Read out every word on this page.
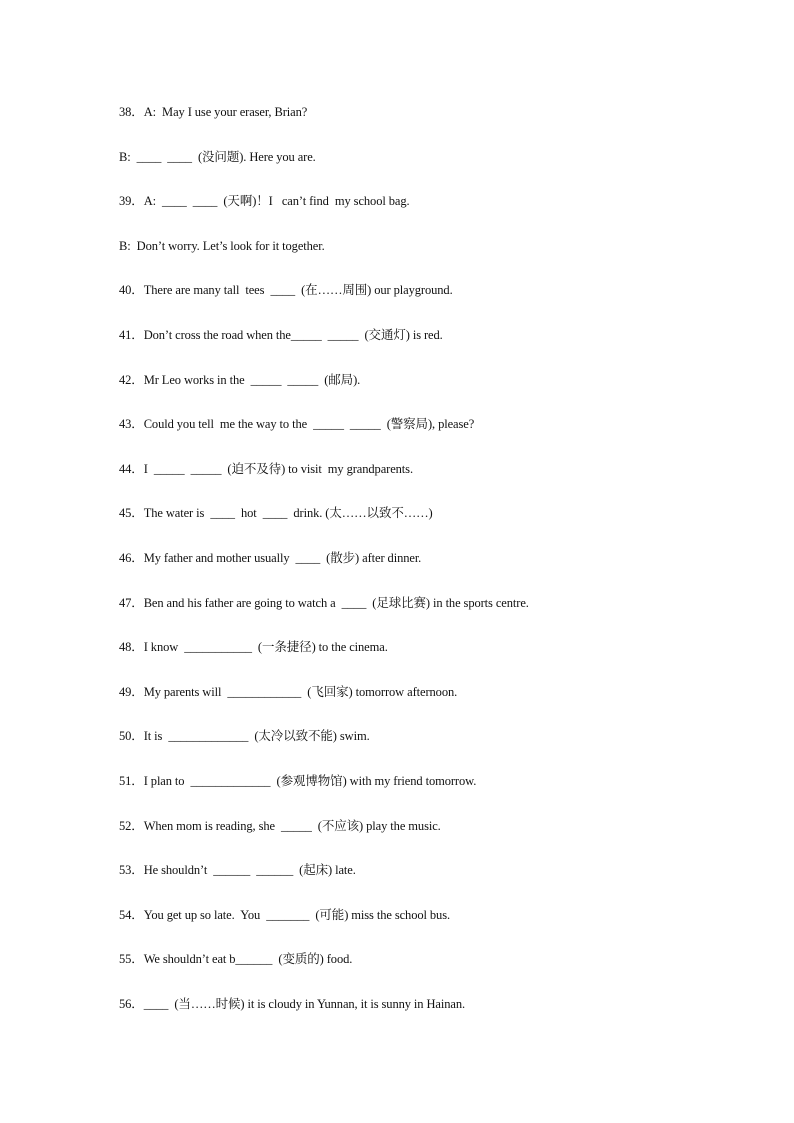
38．A:  May I use your eraser, Brian?
B:  ____  ____  (没问题). Here you are.
39．A:  ____  ____  (天啊)！I   can’t find  my school bag.
B:  Don’t worry. Let’s look for it together.
40．There are many tall  tees  ____  (在……周围) our playground.
41．Don’t cross the road when the_____  _____  (交通灯) is red.
42．Mr Leo works in the  _____  _____  (邮局).
43．Could you tell  me the way to the  _____  _____  (警察局), please?
44．I  _____  _____  (迫不及待) to visit  my grandparents.
45．The water is  ____  hot  ____  drink. (太……以致不……)
46．My father and mother usually  ____  (散步) after dinner.
47．Ben and his father are going to watch a  ____  (足球比赛) in the sports centre.
48．I know  ___________  (一条捷径) to the cinema.
49．My parents will  ____________  (飞回家) tomorrow afternoon.
50．It is  _____________  (太冷以致不能) swim.
51．I plan to  _____________  (参观博物馆) with my friend tomorrow.
52．When mom is reading, she  _____  (不应该) play the music.
53．He shouldn’t  ______  ______  (起床) late.
54．You get up so late.  You  _______  (可能) miss the school bus.
55．We shouldn’t eat b______  (变质的) food.
56．____  (当……时候) it is cloudy in Yunnan, it is sunny in Hainan.
